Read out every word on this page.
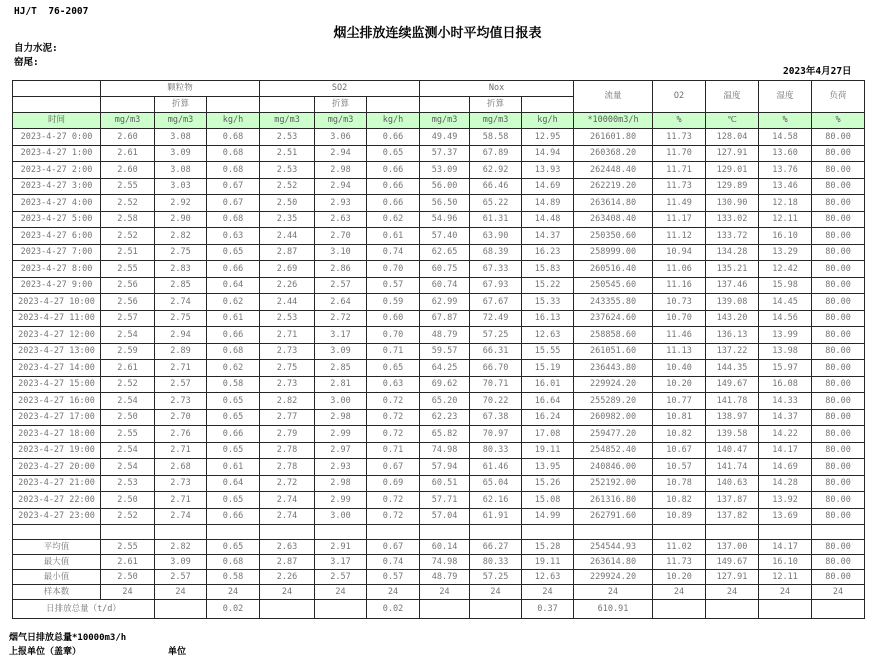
HJ/T  76-2007
烟尘排放连续监测小时平均值日报表
自力水泥:
窑尾:
2023年4月27日
	颗粒物			SO2			Nox			流量	O2	温度	湿度	负荷
		折算			折算			折算						
时间	mg/m3	mg/m3	kg/h	mg/m3	mg/m3	kg/h	mg/m3	mg/m3	kg/h	*10000m3/h	%	℃	%	%
2023-4-27 0:00	2.60	3.08	0.68	2.53	3.06	0.66	49.49	58.58	12.95	261601.80	11.73	128.04	14.58	80.00
2023-4-27 1:00	2.61	3.09	0.68	2.51	2.94	0.65	57.37	67.89	14.94	260368.20	11.70	127.91	13.60	80.00
2023-4-27 2:00	2.60	3.08	0.68	2.53	2.98	0.66	53.09	62.92	13.93	262448.40	11.71	129.01	13.76	80.00
2023-4-27 3:00	2.55	3.03	0.67	2.52	2.94	0.66	56.00	66.46	14.69	262219.20	11.73	129.89	13.46	80.00
2023-4-27 4:00	2.52	2.92	0.67	2.50	2.93	0.66	56.50	65.22	14.89	263614.80	11.49	130.90	12.18	80.00
2023-4-27 5:00	2.58	2.90	0.68	2.35	2.63	0.62	54.96	61.31	14.48	263408.40	11.17	133.02	12.11	80.00
2023-4-27 6:00	2.52	2.82	0.63	2.44	2.70	0.61	57.40	63.90	14.37	250350.60	11.12	133.72	16.10	80.00
2023-4-27 7:00	2.51	2.75	0.65	2.87	3.10	0.74	62.65	68.39	16.23	258999.00	10.94	134.28	13.29	80.00
2023-4-27 8:00	2.55	2.83	0.66	2.69	2.86	0.70	60.75	67.33	15.83	260516.40	11.06	135.21	12.42	80.00
2023-4-27 9:00	2.56	2.85	0.64	2.26	2.57	0.57	60.74	67.93	15.22	250545.60	11.16	137.46	15.98	80.00
2023-4-27 10:00	2.56	2.74	0.62	2.44	2.64	0.59	62.99	67.67	15.33	243355.80	10.73	139.08	14.45	80.00
2023-4-27 11:00	2.57	2.75	0.61	2.53	2.72	0.60	67.87	72.49	16.13	237624.60	10.70	143.20	14.56	80.00
2023-4-27 12:00	2.54	2.94	0.66	2.71	3.17	0.70	48.79	57.25	12.63	258858.60	11.46	136.13	13.99	80.00
2023-4-27 13:00	2.59	2.89	0.68	2.73	3.09	0.71	59.57	66.31	15.55	261051.60	11.13	137.22	13.98	80.00
2023-4-27 14:00	2.61	2.71	0.62	2.75	2.85	0.65	64.25	66.70	15.19	236443.80	10.40	144.35	15.97	80.00
2023-4-27 15:00	2.52	2.57	0.58	2.73	2.81	0.63	69.62	70.71	16.01	229924.20	10.20	149.67	16.08	80.00
2023-4-27 16:00	2.54	2.73	0.65	2.82	3.00	0.72	65.20	70.22	16.64	255289.20	10.77	141.78	14.33	80.00
2023-4-27 17:00	2.50	2.70	0.65	2.77	2.98	0.72	62.23	67.38	16.24	260982.00	10.81	138.97	14.37	80.00
2023-4-27 18:00	2.55	2.76	0.66	2.79	2.99	0.72	65.82	70.97	17.08	259477.20	10.82	139.58	14.22	80.00
2023-4-27 19:00	2.54	2.71	0.65	2.78	2.97	0.71	74.98	80.33	19.11	254852.40	10.67	140.47	14.17	80.00
2023-4-27 20:00	2.54	2.68	0.61	2.78	2.93	0.67	57.94	61.46	13.95	240846.00	10.57	141.74	14.69	80.00
2023-4-27 21:00	2.53	2.73	0.64	2.72	2.98	0.69	60.51	65.04	15.26	252192.00	10.78	140.63	14.28	80.00
2023-4-27 22:00	2.50	2.71	0.65	2.74	2.99	0.72	57.71	62.16	15.08	261316.80	10.82	137.87	13.92	80.00
2023-4-27 23:00	2.52	2.74	0.66	2.74	3.00	0.72	57.04	61.91	14.99	262791.60	10.89	137.82	13.69	80.00

平均值	2.55	2.82	0.65	2.63	2.91	0.67	60.14	66.27	15.28	254544.93	11.02	137.00	14.17	80.00
最大值	2.61	3.09	0.68	2.87	3.17	0.74	74.98	80.33	19.11	263614.80	11.73	149.67	16.10	80.00
最小值	2.50	2.57	0.58	2.26	2.57	0.57	48.79	57.25	12.63	229924.20	10.20	127.91	12.11	80.00
样本数	24	24	24	24	24	24	24	24	24	24	24	24	24	24
日排放总量（t/d）			0.02			0.02			0.37	610.91				
烟气日排放总量*10000m3/h
上报单位（盖章）	单位
